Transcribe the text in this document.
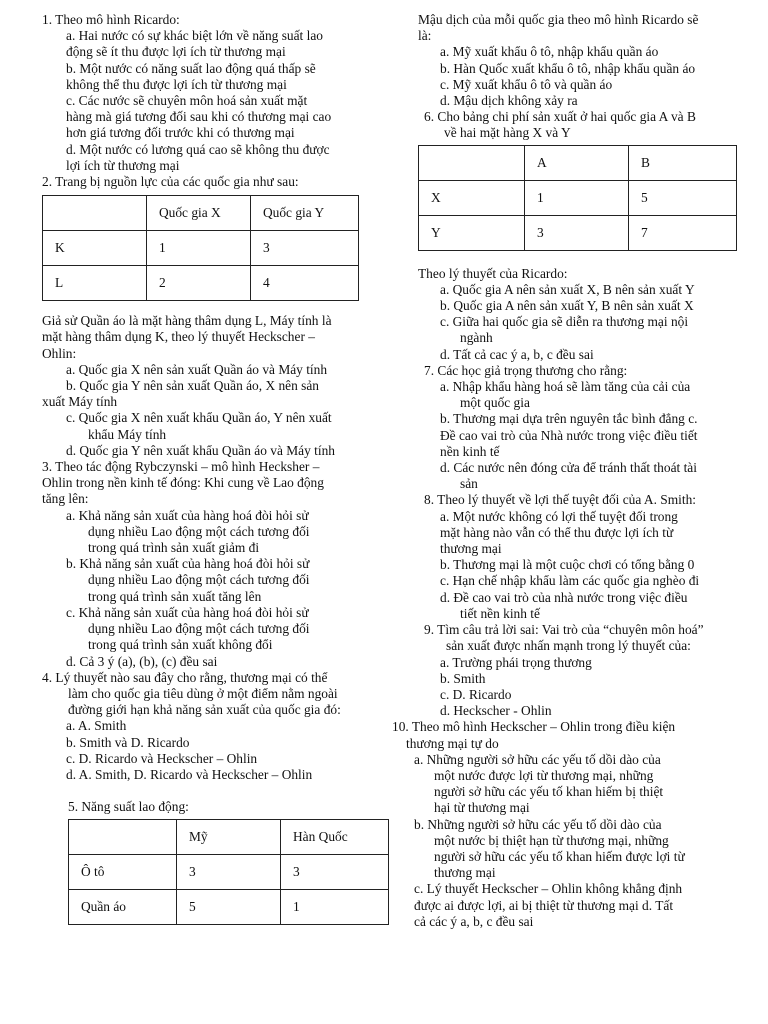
1. Theo mô hình Ricardo:
a. Hai nước có sự khác biệt lớn về năng suất lao
động sẽ ít thu được lợi ích từ thương mại
b. Một nước có năng suất lao động quá thấp sẽ
không thể thu được lợi ích từ thương mại
c. Các nước sẽ chuyên môn hoá sản xuất mặt
hàng mà giá tương đối sau khi có thương mại cao
hơn giá tương đối trước khi có thương mại
d. Một nước có lương quá cao sẽ không thu được
lợi ích từ thương mại
2. Trang bị nguồn lực của các quốc gia như sau:
	Quốc gia X	Quốc gia Y
K	1	3
L	2	4
Giả sử Quần áo là mặt hàng thâm dụng L, Máy tính là
mặt hàng thâm dụng K, theo lý thuyết Heckscher –
Ohlin:
a. Quốc gia X nên sản xuất Quần áo và Máy tính
b. Quốc gia Y nên sản xuất Quần áo, X nên sản
xuất Máy tính
c. Quốc gia X nên xuất khẩu Quần áo, Y nên xuất
khẩu Máy tính
d. Quốc gia Y nên xuất khẩu Quần áo và Máy tính
3. Theo tác động Rybczynski – mô hình Hecksher –
Ohlin trong nền kinh tế đóng: Khi cung về Lao động
tăng lên:
a. Khả năng sản xuất của hàng hoá đòi hỏi sử
dụng nhiều Lao động một cách tương đối
trong quá trình sản xuất giảm đi
b. Khả năng sản xuất của hàng hoá đòi hỏi sử
dụng nhiều Lao động một cách tương đối
trong quá trình sản xuất tăng lên
c. Khả năng sản xuất của hàng hoá đòi hỏi sử
dụng nhiều Lao động một cách tương đối
trong quá trình sản xuất không đổi
d. Cả 3 ý (a), (b), (c) đều sai
4. Lý thuyết nào sau đây cho rằng, thương mại có thể
làm cho quốc gia tiêu dùng ở một điểm nằm ngoài
đường giới hạn khả năng sản xuất của quốc gia đó:
a. A. Smith
b. Smith và D. Ricardo
c. D. Ricardo và Heckscher – Ohlin
d. A. Smith, D. Ricardo và Heckscher – Ohlin
5. Năng suất lao động:
	Mỹ	Hàn Quốc
Ô tô	3	3
Quần áo	5	1
Mậu dịch của mỗi quốc gia theo mô hình Ricardo sẽ
là:
a. Mỹ xuất khẩu ô tô, nhập khẩu quần áo
b. Hàn Quốc xuất khẩu ô tô, nhập khẩu quần áo
c. Mỹ xuất khẩu ô tô và quần áo
d. Mậu dịch không xảy ra
6. Cho bảng chi phí sản xuất ở hai quốc gia A và B
về hai mặt hàng X và Y
	A	B
X	1	5
Y	3	7
Theo lý thuyết của Ricardo:
a. Quốc gia A nên sản xuất X, B nên sản xuất Y
b. Quốc gia A nên sản xuất Y, B nên sản xuất X
c. Giữa hai quốc gia sẽ diễn ra thương mại nội
ngành
d. Tất cả cac ý a, b, c đều sai
7. Các học giả trọng thương cho rằng:
a. Nhập khẩu hàng hoá sẽ làm tăng của cải của
một quốc gia
b. Thương mại dựa trên nguyên tắc bình đẳng c.
Đề cao vai trò của Nhà nước trong việc điều tiết
nền kinh tế
d. Các nước nên đóng cửa để tránh thất thoát tài
sản
8. Theo lý thuyết về lợi thế tuyệt đối của A. Smith:
a. Một nước không có lợi thế tuyệt đối trong
mặt hàng nào vẫn có thể thu được lợi ích từ
thương mại
b. Thương mại là một cuộc chơi có tổng bằng 0
c. Hạn chế nhập khẩu làm các quốc gia nghèo đi
d. Đề cao vai trò của nhà nước trong việc điều
tiết nền kinh tế
9. Tìm câu trả lời sai: Vai trò của “chuyên môn hoá”
sản xuất được nhấn mạnh trong lý thuyết của:
a. Trường phái trọng thương
b. Smith
c. D. Ricardo
d. Heckscher - Ohlin
10. Theo mô hình Heckscher – Ohlin trong điều kiện
thương mại tự do
a. Những người sở hữu các yếu tố dồi dào của
một nước được lợi từ thương mại, những
người sở hữu các yếu tố khan hiếm bị thiệt
hại từ thương mại
b. Những người sở hữu các yếu tố dồi dào của
một nước bị thiệt hạn từ thương mại, những
người sở hữu các yếu tố khan hiếm được lợi từ
thương mại
c. Lý thuyết Heckscher – Ohlin không khẳng định
được ai được lợi, ai bị thiệt từ thương mại d. Tất
cả các ý a, b, c đều sai
